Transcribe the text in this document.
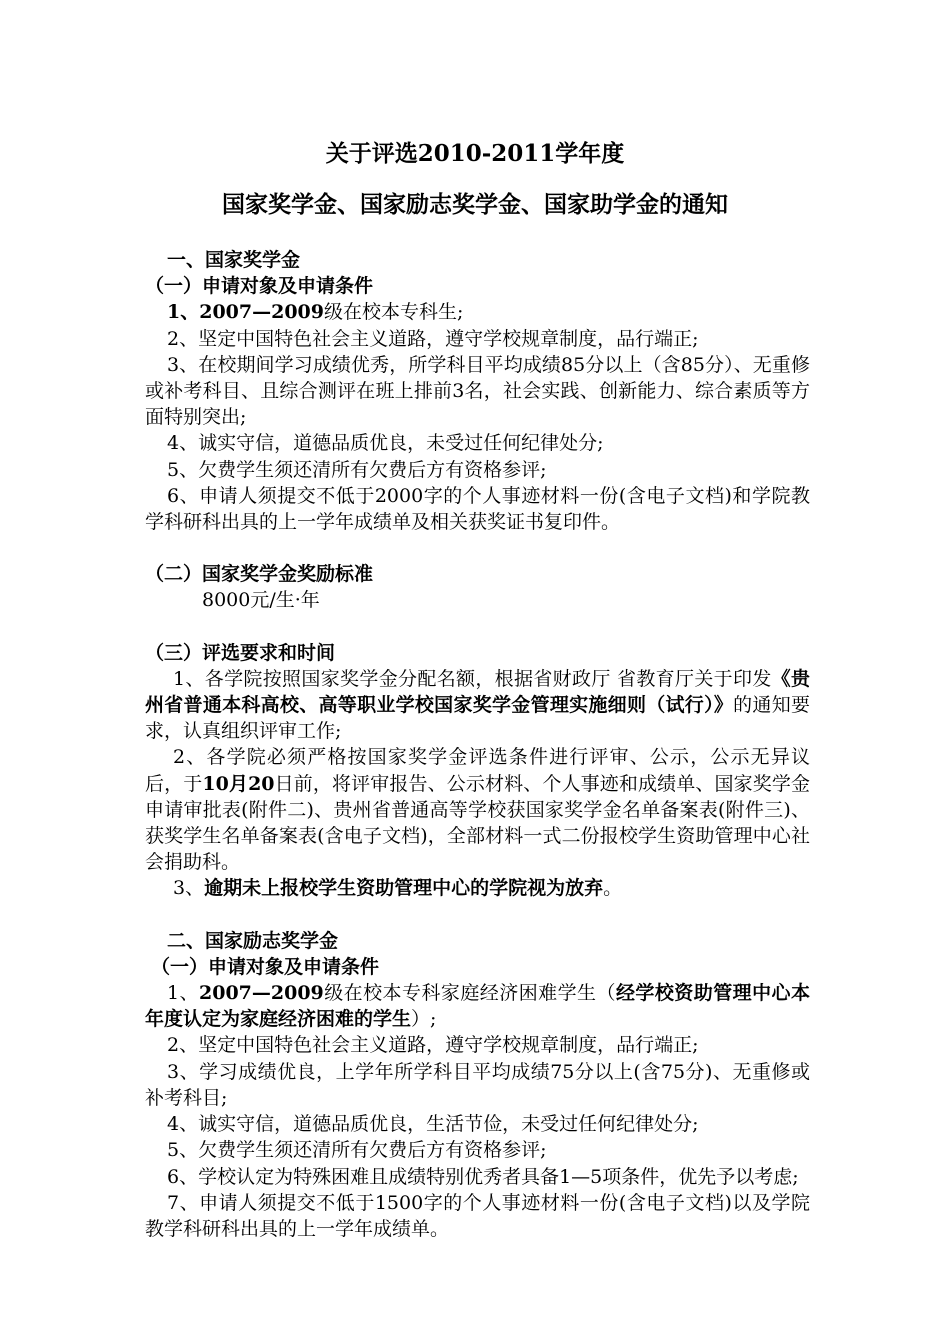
关于评选2010-2011学年度
国家奖学金、国家励志奖学金、国家助学金的通知

一、国家奖学金

（一）申请对象及申请条件

1、2007—2009级在校本专科生;

2、坚定中国特色社会主义道路，遵守学校规章制度，品行端正;

3、在校期间学习成绩优秀，所学科目平均成绩85分以上（含85分）、无重修或补考科目、且综合测评在班上排前3名，社会实践、创新能力、综合素质等方面特别突出;

4、诚实守信，道德品质优良，未受过任何纪律处分;

5、欠费学生须还清所有欠费后方有资格参评;

6、申请人须提交不低于2000字的个人事迹材料一份(含电子文档)和学院教学科研科出具的上一学年成绩单及相关获奖证书复印件。

（二）国家奖学金奖励标准

8000元/生·年

（三）评选要求和时间

1、各学院按照国家奖学金分配名额，根据省财政厅 省教育厅关于印发《贵州省普通本科高校、高等职业学校国家奖学金管理实施细则（试行）》的通知要求，认真组织评审工作;

2、各学院必须严格按国家奖学金评选条件进行评审、公示，公示无异议后，于10月20日前，将评审报告、公示材料、个人事迹和成绩单、国家奖学金申请审批表(附件二)、贵州省普通高等学校获国家奖学金名单备案表(附件三)、获奖学生名单备案表(含电子文档)，全部材料一式二份报校学生资助管理中心社会捐助科。

3、逾期未上报校学生资助管理中心的学院视为放弃。

二、国家励志奖学金

（一）申请对象及申请条件

1、2007—2009级在校本专科家庭经济困难学生（经学校资助管理中心本年度认定为家庭经济困难的学生）;

2、坚定中国特色社会主义道路，遵守学校规章制度，品行端正;

3、学习成绩优良，上学年所学科目平均成绩75分以上(含75分)、无重修或补考科目;

4、诚实守信，道德品质优良，生活节俭，未受过任何纪律处分;

5、欠费学生须还清所有欠费后方有资格参评;

6、学校认定为特殊困难且成绩特别优秀者具备1—5项条件，优先予以考虑;

7、申请人须提交不低于1500字的个人事迹材料一份(含电子文档)以及学院教学科研科出具的上一学年成绩单。
